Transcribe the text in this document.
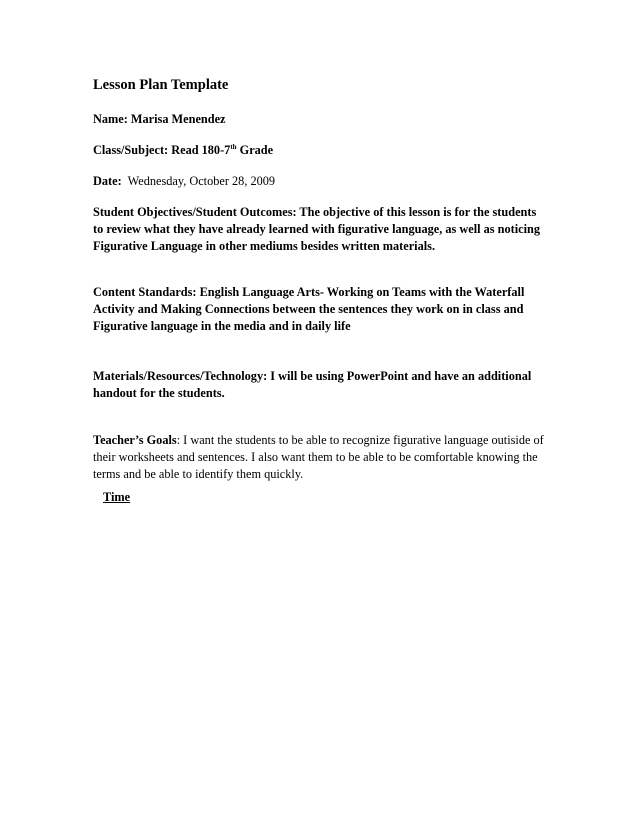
Lesson Plan Template

Name: Marisa Menendez

Class/Subject: Read 180-7th Grade

Date:  Wednesday, October 28, 2009

Student Objectives/Student Outcomes: The objective of this lesson is for the students to review what they have already learned with figurative language, as well as noticing Figurative Language in other mediums besides written materials.

Content Standards: English Language Arts- Working on Teams with the Waterfall Activity and Making Connections between the sentences they work on in class and Figurative language in the media and in daily life

Materials/Resources/Technology: I will be using PowerPoint and have an additional handout for the students.

Teacher’s Goals: I want the students to be able to recognize figurative language outiside of their worksheets and sentences. I also want them to be able to be comfortable knowing the terms and be able to identify them quickly.

Time
